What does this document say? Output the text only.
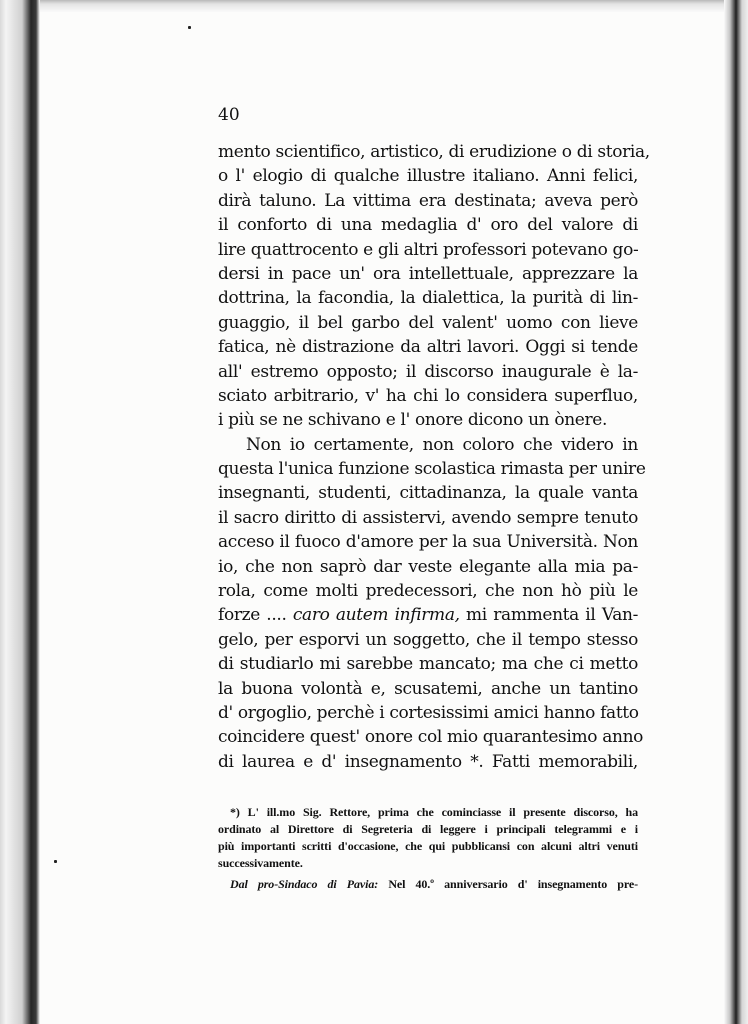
40
mento scientifico, artistico, di erudizione o di storia,
o l' elogio di qualche illustre italiano. Anni felici,
dirà taluno. La vittima era destinata; aveva però
il conforto di una medaglia d' oro del valore di
lire quattrocento e gli altri professori potevano go-
dersi in pace un' ora intellettuale, apprezzare la
dottrina, la facondia, la dialettica, la purità di lin-
guaggio, il bel garbo del valent' uomo con lieve
fatica, nè distrazione da altri lavori. Oggi si tende
all' estremo opposto; il discorso inaugurale è la-
sciato arbitrario, v' ha chi lo considera superfluo,
i più se ne schivano e l' onore dicono un ònere.
Non io certamente, non coloro che videro in
questa l'unica funzione scolastica rimasta per unire
insegnanti, studenti, cittadinanza, la quale vanta
il sacro diritto di assistervi, avendo sempre tenuto
acceso il fuoco d'amore per la sua Università. Non
io, che non saprò dar veste elegante alla mia pa-
rola, come molti predecessori, che non hò più le
forze .... caro autem infirma, mi rammenta il Van-
gelo, per esporvi un soggetto, che il tempo stesso
di studiarlo mi sarebbe mancato; ma che ci metto
la buona volontà e, scusatemi, anche un tantino
d' orgoglio, perchè i cortesissimi amici hanno fatto
coincidere quest' onore col mio quarantesimo anno
di laurea e d' insegnamento *. Fatti memorabili,
*) L' ill.mo Sig. Rettore, prima che cominciasse il presente discorso, ha
ordinato al Direttore di Segreteria di leggere i principali telegrammi e i
più importanti scritti d'occasione, che qui pubblicansi con alcuni altri venuti
successivamente.
Dal pro-Sindaco di Pavia: Nel 40.º anniversario d' insegnamento pre-
